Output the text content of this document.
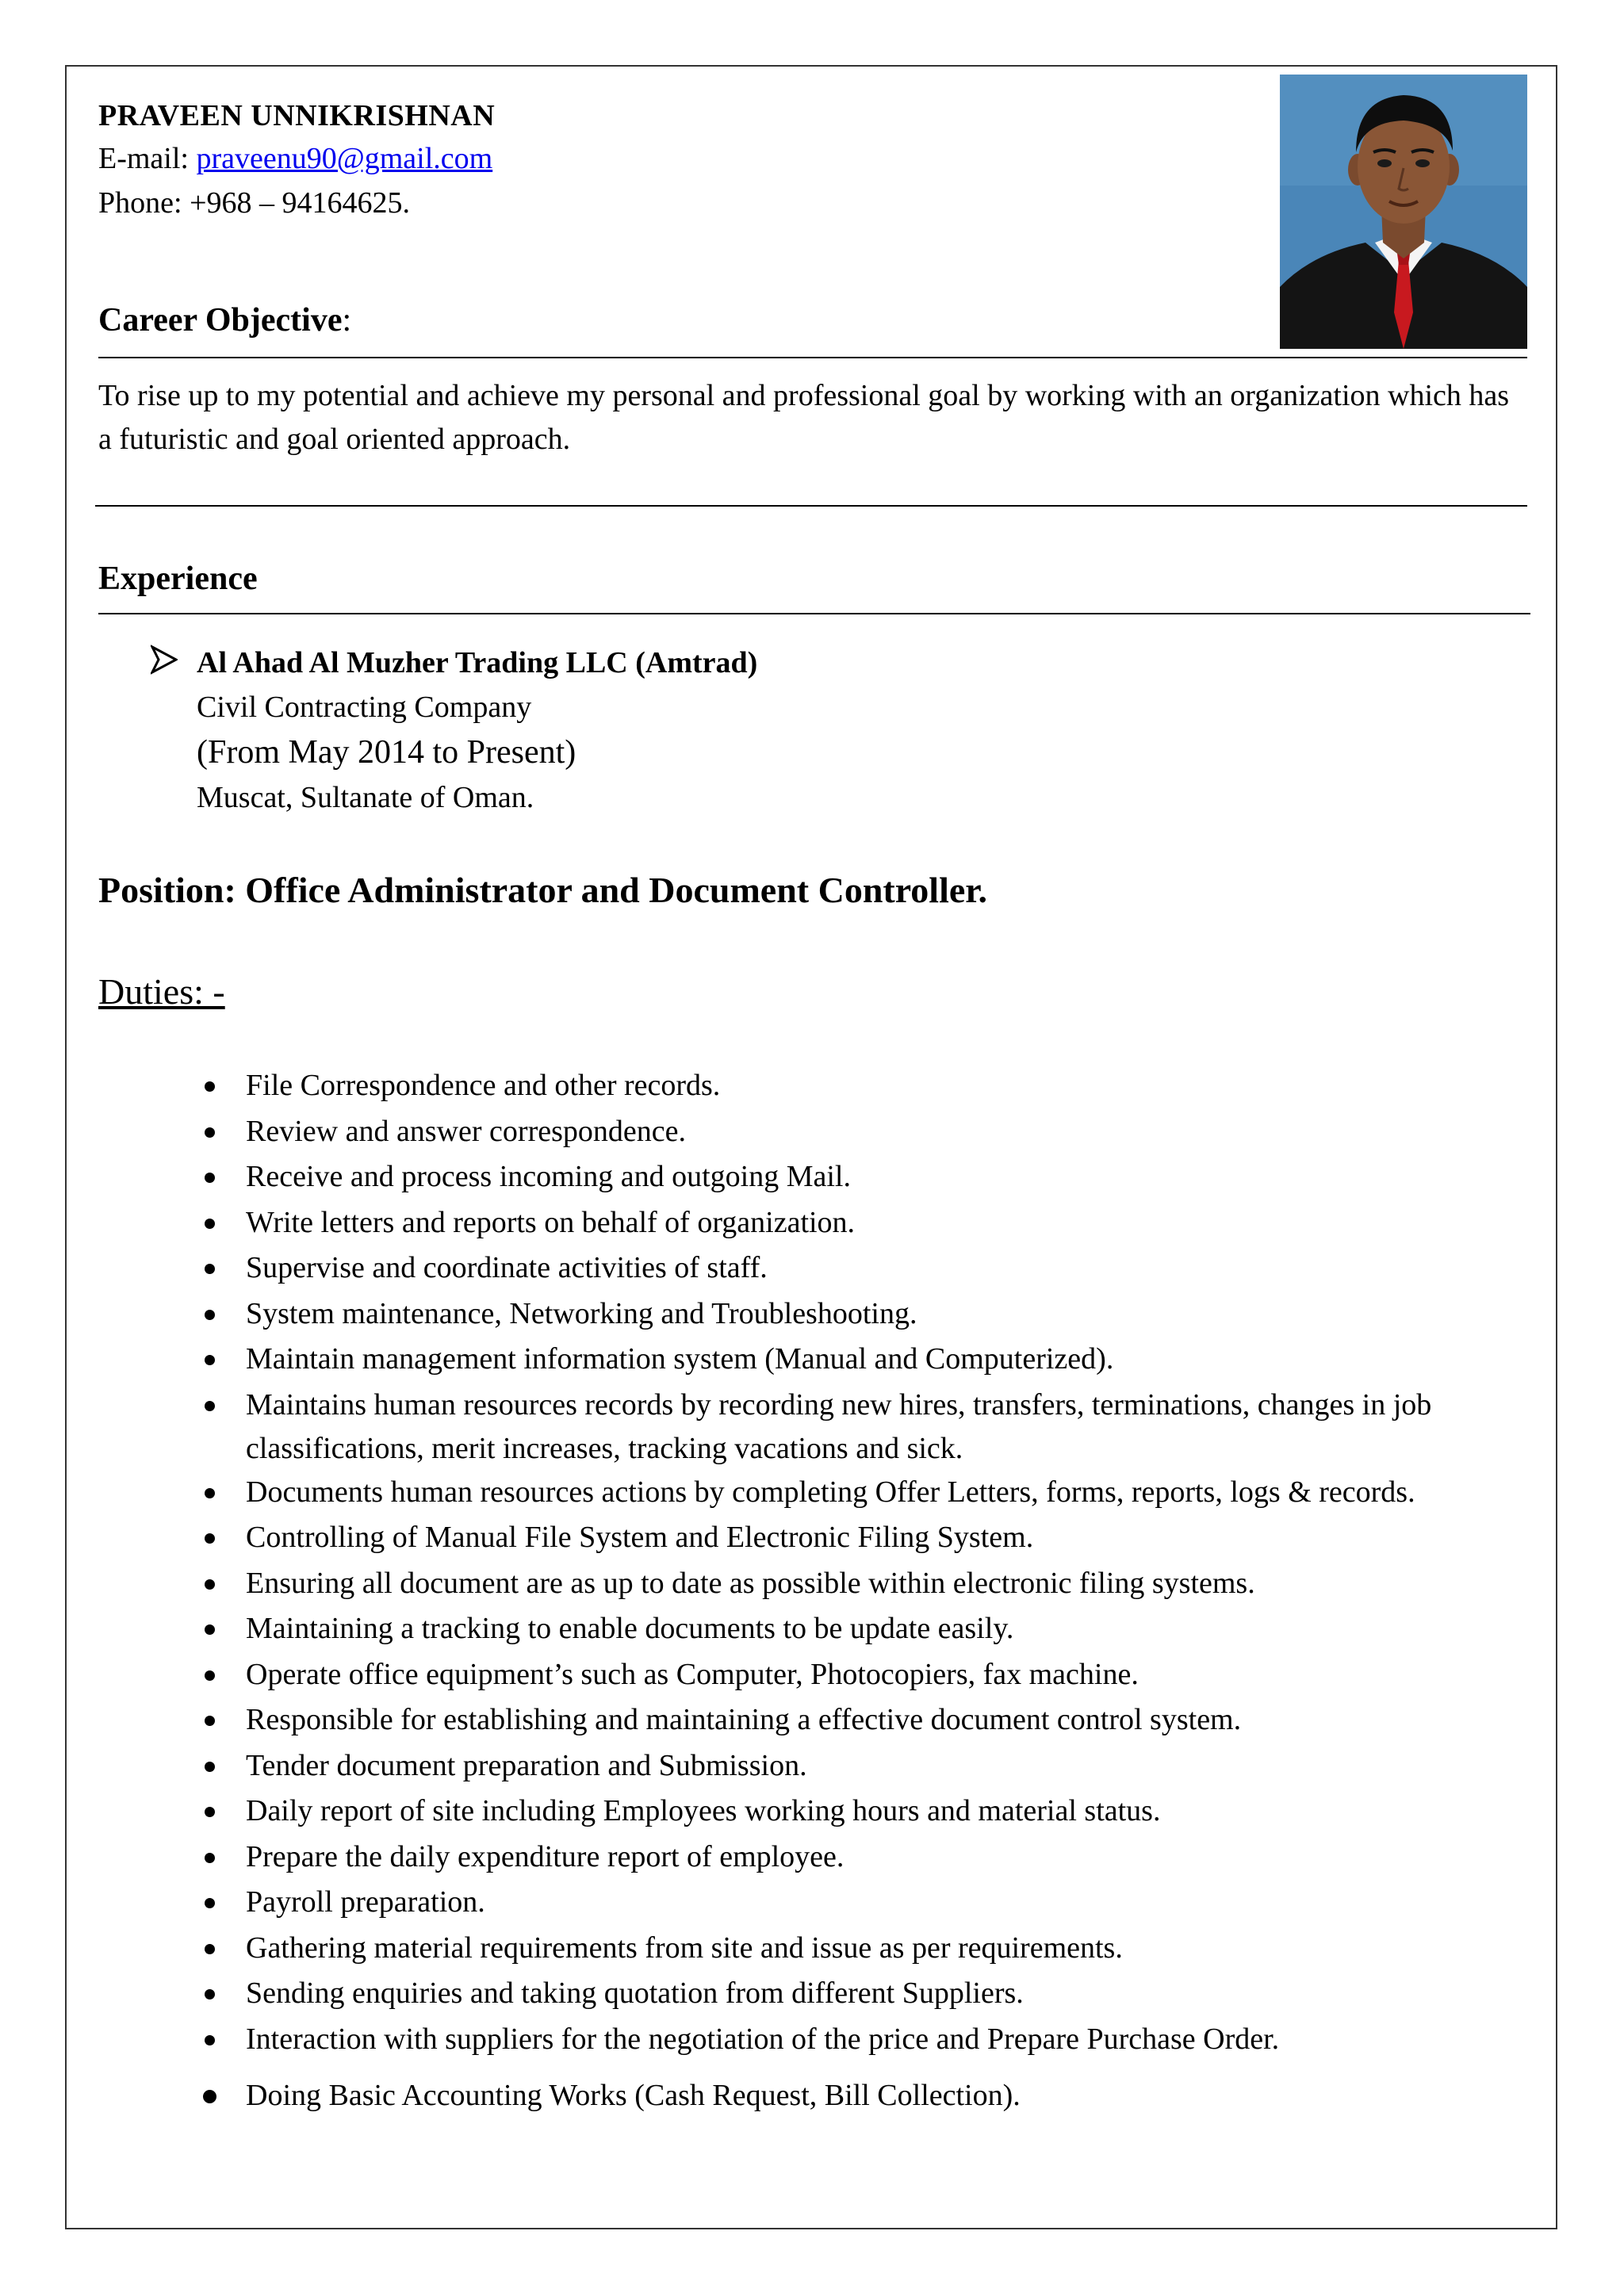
PRAVEEN UNNIKRISHNAN
E-mail: praveenu90@gmail.com
Phone: +968 – 94164625.
Career Objective:
To rise up to my potential and achieve my personal and professional goal by working with an organization which has a futuristic and goal oriented approach.
Experience
Al Ahad Al Muzher Trading LLC (Amtrad)
Civil Contracting Company
(From May 2014 to Present)
Muscat, Sultanate of Oman.
Position: Office Administrator and Document Controller.
Duties: -
File Correspondence and other records.
Review and answer correspondence.
Receive and process incoming and outgoing Mail.
Write letters and reports on behalf of organization.
Supervise and coordinate activities of staff.
System maintenance, Networking and Troubleshooting.
Maintain management information system (Manual and Computerized).
Maintains human resources records by recording new hires, transfers, terminations, changes in job classifications, merit increases, tracking vacations and sick.
Documents human resources actions by completing Offer Letters, forms, reports, logs & records.
Controlling of Manual File System and Electronic Filing System.
Ensuring all document are as up to date as possible within electronic filing systems.
Maintaining a tracking to enable documents to be update easily.
Operate office equipment’s such as Computer, Photocopiers, fax machine.
Responsible for establishing and maintaining a effective document control system.
Tender document preparation and Submission.
Daily report of site including Employees working hours and material status.
Prepare the daily expenditure report of employee.
Payroll preparation.
Gathering material requirements from site and issue as per requirements.
Sending enquiries and taking quotation from different Suppliers.
Interaction with suppliers for the negotiation of the price and Prepare Purchase Order.
Doing Basic Accounting Works (Cash Request, Bill Collection).
